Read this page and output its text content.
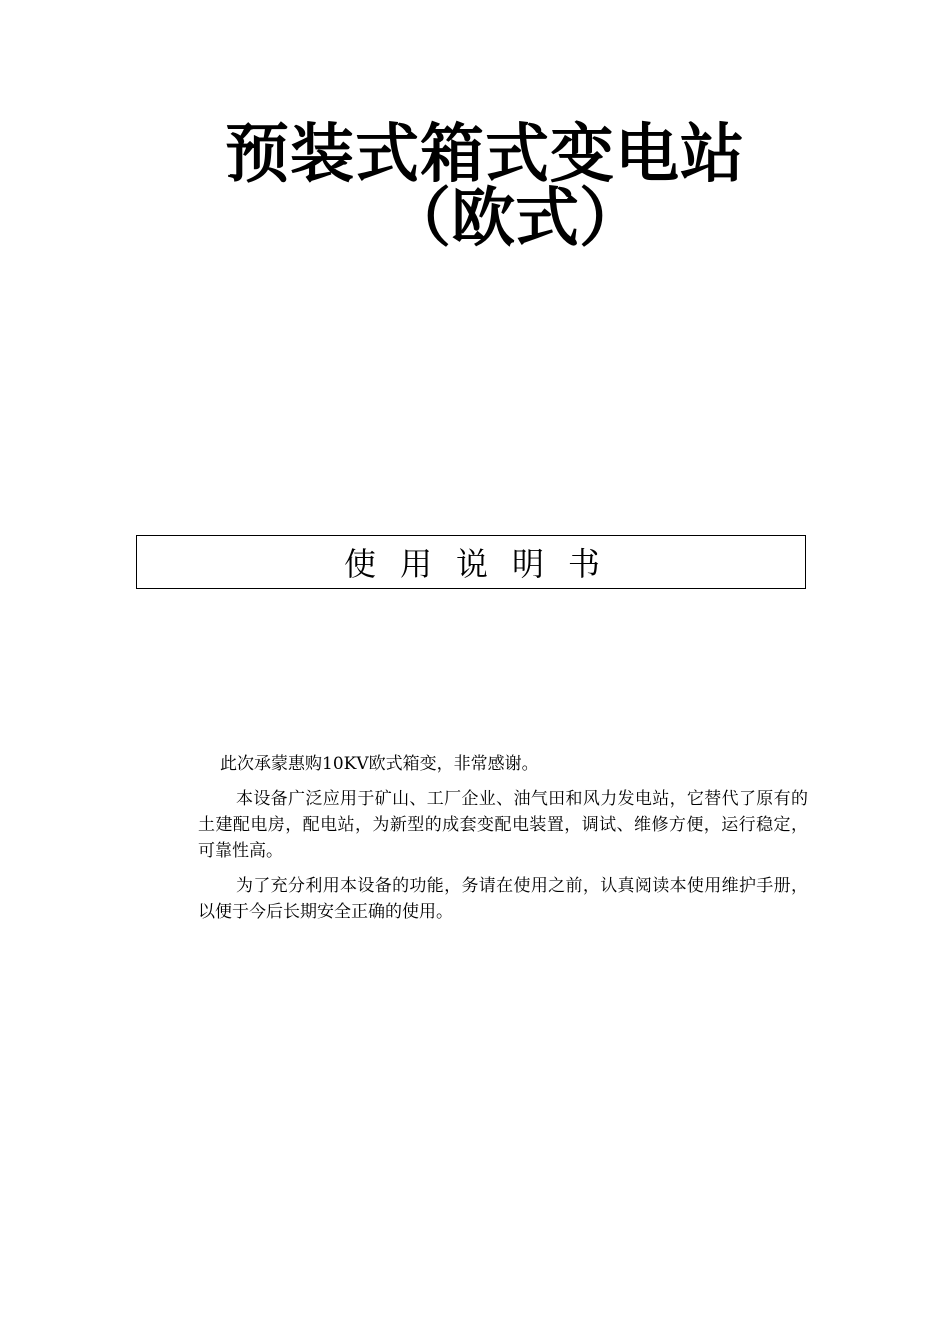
预装式箱式变电站
（欧式）
使用说明书

此次承蒙惠购10KV欧式箱变，非常感谢。

本设备广泛应用于矿山、工厂企业、油气田和风力发电站，它替代了原有的土建配电房，配电站，为新型的成套变配电装置，调试、维修方便，运行稳定，可靠性高。

为了充分利用本设备的功能，务请在使用之前，认真阅读本使用维护手册，以便于今后长期安全正确的使用。
